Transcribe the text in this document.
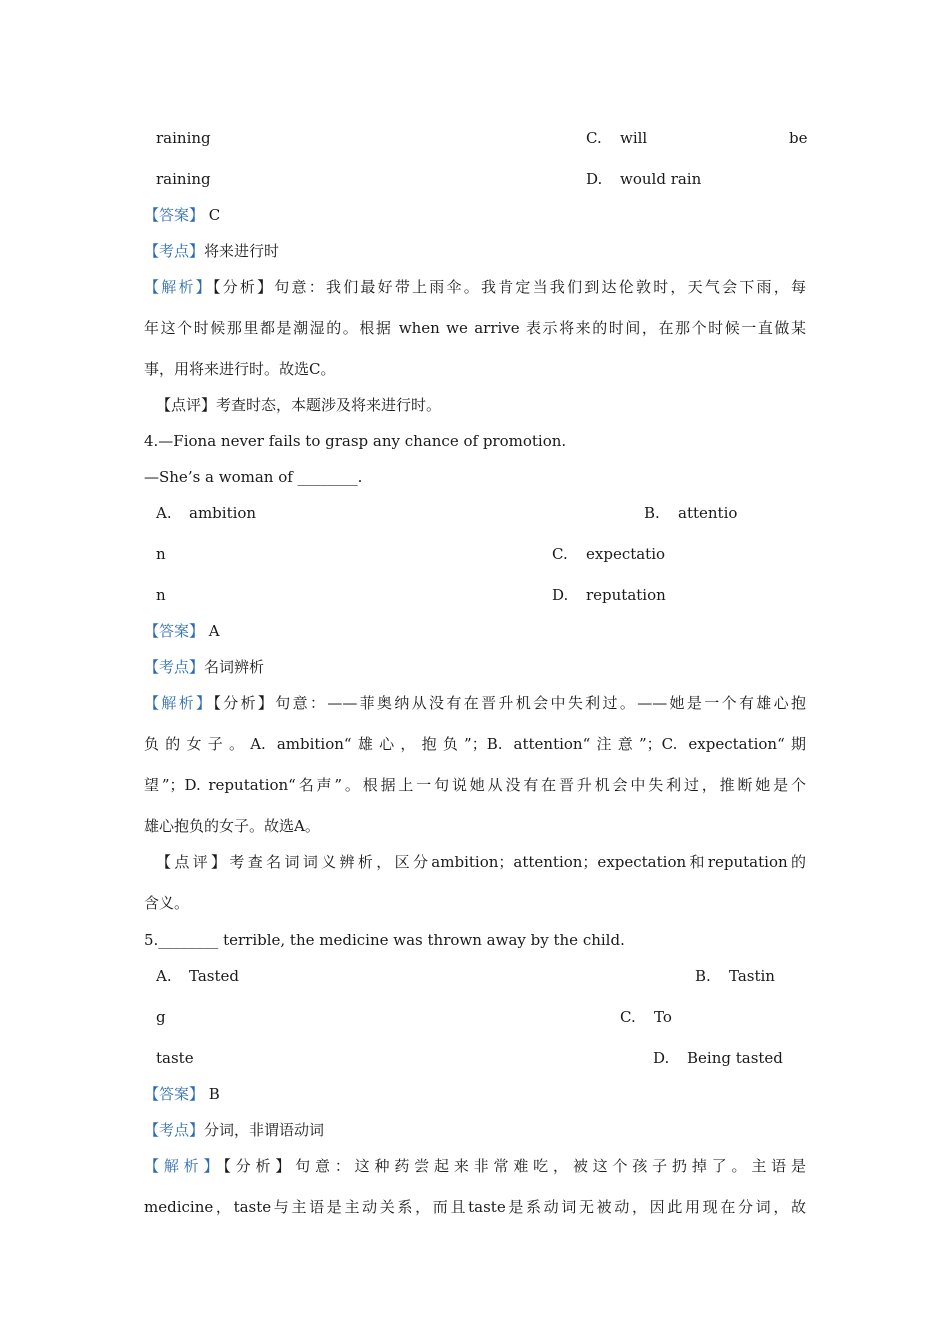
raining	C. will	be
raining	D. would rain
【答案】 C
【考点】将来进行时
【解析】【分析】句意：我们最好带上雨伞。我肯定当我们到达伦敦时，天气会下雨，每
年这个时候那里都是潮湿的。根据 when we arrive 表示将来的时间，在那个时候一直做某
事，用将来进行时。故选C。
【点评】考查时态，本题涉及将来进行时。
4.—Fiona never fails to grasp any chance of promotion.
—She’s a woman of ________.
A. ambition	B. attentio
n	C. expectatio
n	D. reputation
【答案】 A
【考点】名词辨析
【解析】【分析】句意：——菲奥纳从没有在晋升机会中失利过。——她是一个有雄心抱
负的女子。A. ambition“雄心，抱负”；B. attention“注意”；C. expectation“期
望”；D. reputation“名声”。根据上一句说她从没有在晋升机会中失利过，推断她是个
雄心抱负的女子。故选A。
【点评】考查名词词义辨析，区分ambition；attention；expectation和reputation的
含义。
5.________ terrible, the medicine was thrown away by the child.
A. Tasted	B. Tastin
g	C. To
taste	D. Being tasted
【答案】 B
【考点】分词，非谓语动词
【解析】【分析】句意：这种药尝起来非常难吃，被这个孩子扔掉了。主语是
medicine，taste与主语是主动关系，而且taste是系动词无被动，因此用现在分词，故
